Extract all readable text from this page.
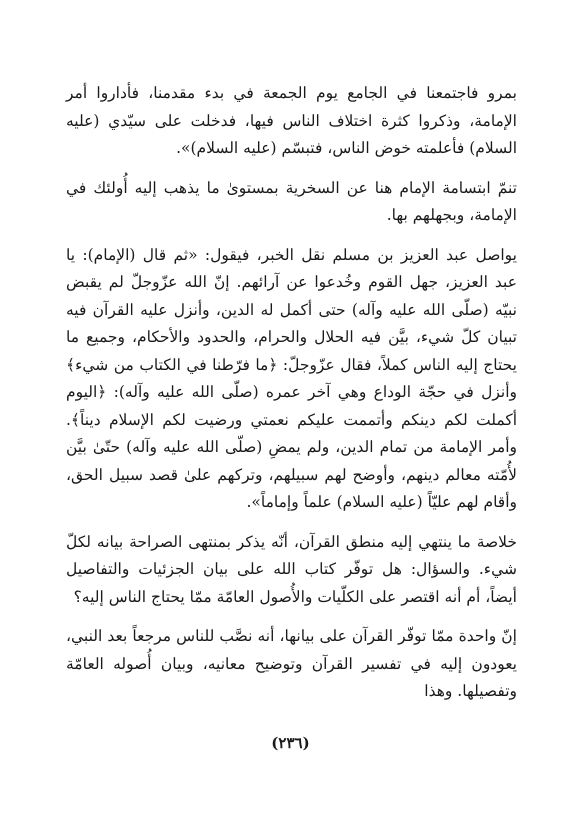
بمرو فاجتمعنا في الجامع يوم الجمعة في بدء مقدمنا، فأداروا أمر الإمامة، وذكروا كثرة اختلاف الناس فيها، فدخلت على سيّدي (عليه السلام) فأعلمته خوض الناس، فتبسّم (عليه السلام)».

تنمّ ابتسامة الإمام هنا عن السخرية بمستوىٰ ما يذهب إليه أُولئك في الإمامة، وبجهلهم بها.

يواصل عبد العزيز بن مسلم نقل الخبر، فيقول: «ثم قال (الإمام): يا عبد العزيز، جهل القوم وخُدعوا عن آرائهم. إنّ الله عزّوجلّ لم يقبض نبيّه (صلّى الله عليه وآله) حتى أكمل له الدين، وأنزل عليه القرآن فيه تبيان كلّ شيء، بيَّن فيه الحلال والحرام، والحدود والأحكام، وجميع ما يحتاج إليه الناس كملاً، فقال عزّوجلّ: ﴿ما فرّطنا في الكتاب من شيء﴾ وأنزل في حجّة الوداع وهي آخر عمره (صلّى الله عليه وآله): ﴿اليوم أكملت لكم دينكم وأتممت عليكم نعمتي ورضيت لكم الإسلام ديناً﴾. وأمر الإمامة من تمام الدين، ولم يمضِ (صلّى الله عليه وآله) حتّىٰ بيَّن لأُمّته معالم دينهم، وأوضح لهم سبيلهم، وتركهم علىٰ قصد سبيل الحق، وأقام لهم عليّاً (عليه السلام) علماً وإماماً».

خلاصة ما ينتهي إليه منطق القرآن، أنّه يذكر بمنتهى الصراحة بيانه لكلّ شيء. والسؤال: هل توفّر كتاب الله على بيان الجزئيات والتفاصيل أيضاً، أم أنه اقتصر على الكلّيات والأُصول العامّة ممّا يحتاج الناس إليه؟

إنّ واحدة ممّا توفّر القرآن على بيانها، أنه نصَّب للناس مرجعاً بعد النبي، يعودون إليه في تفسير القرآن وتوضيح معانيه، وبيان أُصوله العامّة وتفصيلها. وهذا

(٢٣٦)
